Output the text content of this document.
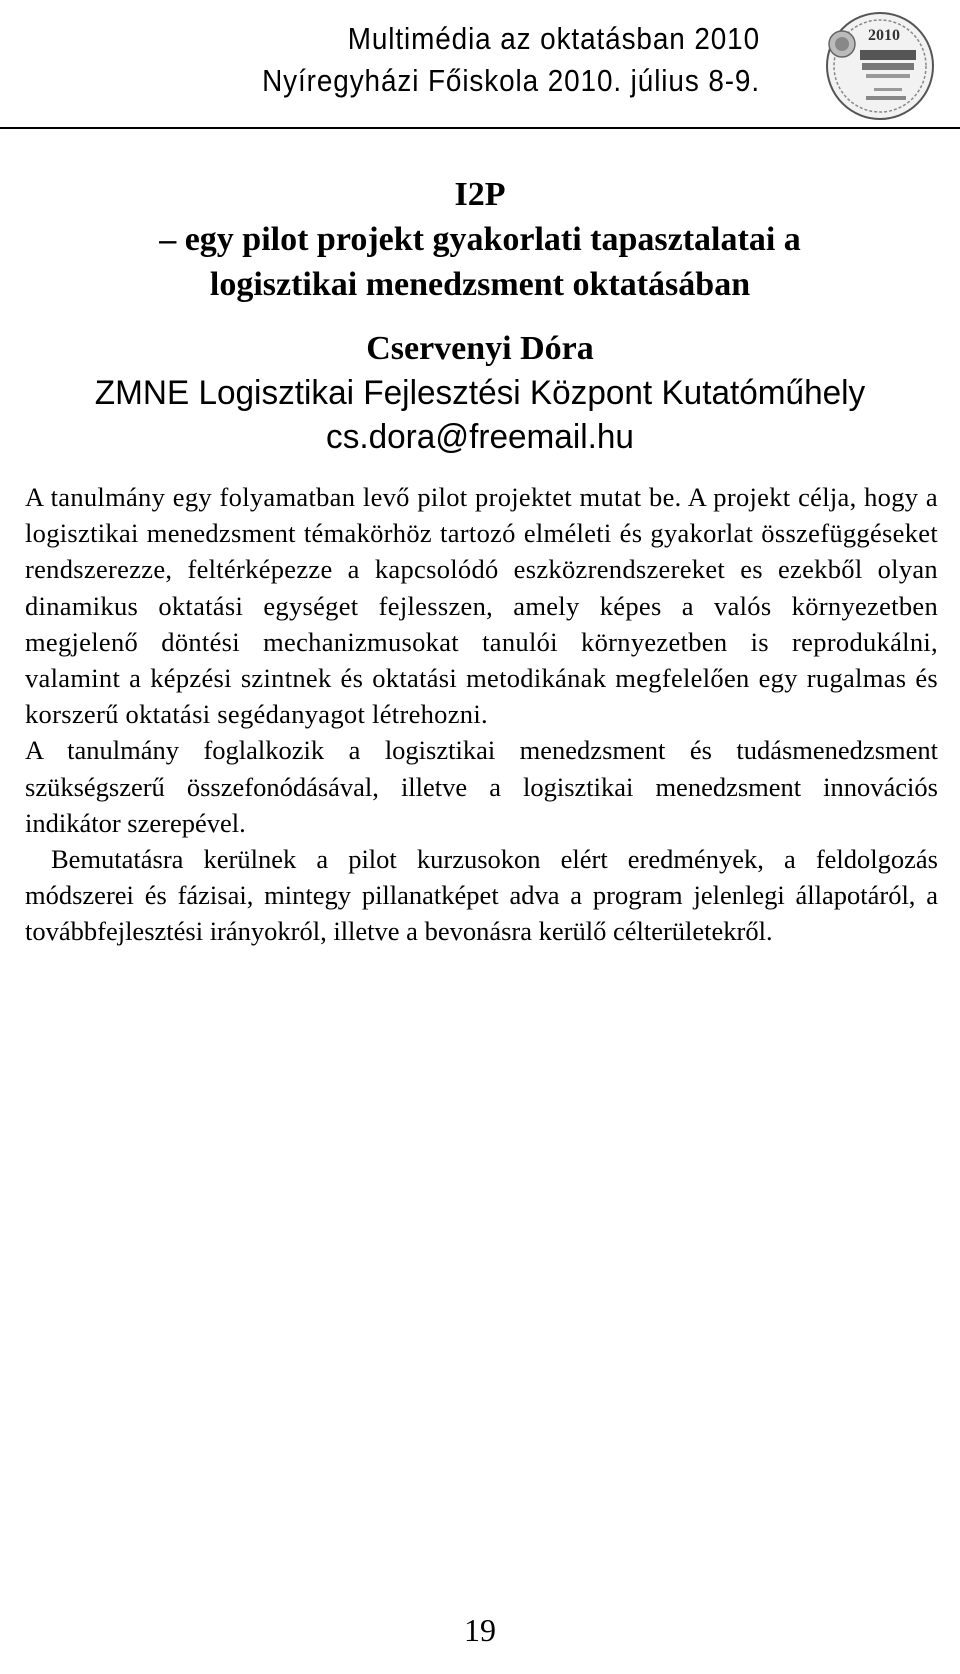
Multimédia az oktatásban 2010
Nyíregyházi Főiskola 2010. július 8-9.
2010

I2P

– egy pilot projekt gyakorlati tapasztalatai a

logisztikai menedzsment oktatásában

Cservenyi Dóra
ZMNE Logisztikai Fejlesztési Központ Kutatóműhely
cs.dora@freemail.hu

A tanulmány egy folyamatban levő pilot projektet mutat be. A projekt célja, hogy a logisztikai menedzsment témakörhöz tartozó elméleti és gyakorlat összefüggéseket rendszerezze, feltérképezze a kapcsolódó eszközrendszereket es ezekből olyan dinamikus oktatási egységet fejlesszen, amely képes a valós környezetben megjelenő döntési mechanizmusokat tanulói környezetben is reprodukálni, valamint a képzési szintnek és oktatási metodikának megfelelően egy rugalmas és korszerű oktatási segédanyagot létrehozni.

A tanulmány foglalkozik a logisztikai menedzsment és tudásmenedzsment szükségszerű összefonódásával, illetve a logisztikai menedzsment innovációs indikátor szerepével.

Bemutatásra kerülnek a pilot kurzusokon elért eredmények, a feldolgozás módszerei és fázisai, mintegy pillanatképet adva a program jelenlegi állapotáról, a továbbfejlesztési irányokról, illetve a bevonásra kerülő célterületekről.

19
